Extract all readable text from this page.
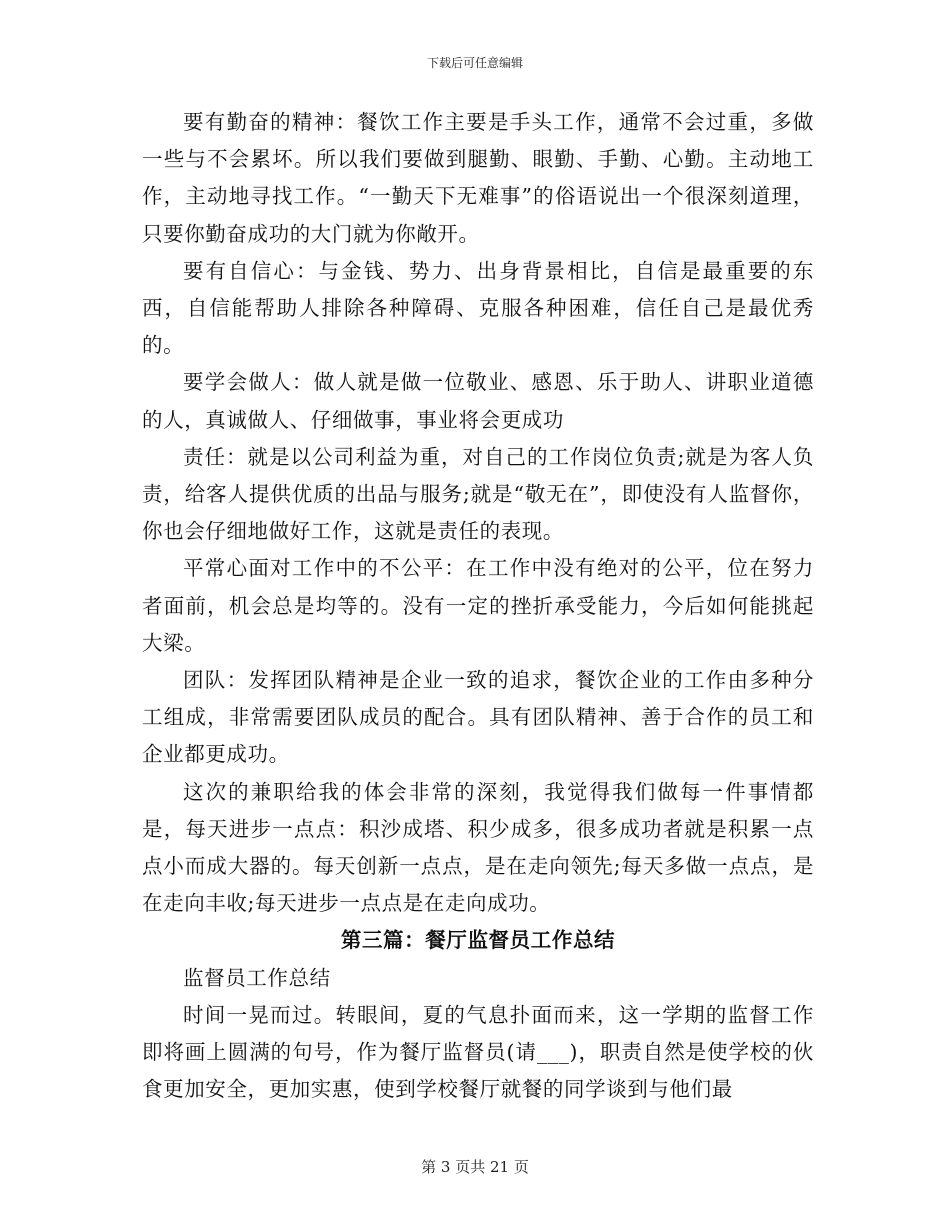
下载后可任意编辑

要有勤奋的精神：餐饮工作主要是手头工作，通常不会过重，多做一些与不会累坏。所以我们要做到腿勤、眼勤、手勤、心勤。主动地工作，主动地寻找工作。“一勤天下无难事”的俗语说出一个很深刻道理，只要你勤奋成功的大门就为你敞开。

要有自信心：与金钱、势力、出身背景相比，自信是最重要的东西，自信能帮助人排除各种障碍、克服各种困难，信任自己是最优秀的。

要学会做人：做人就是做一位敬业、感恩、乐于助人、讲职业道德的人，真诚做人、仔细做事，事业将会更成功

责任：就是以公司利益为重，对自己的工作岗位负责;就是为客人负责，给客人提供优质的出品与服务;就是“敬无在”，即使没有人监督你，你也会仔细地做好工作，这就是责任的表现。

平常心面对工作中的不公平：在工作中没有绝对的公平，位在努力者面前，机会总是均等的。没有一定的挫折承受能力，今后如何能挑起大梁。

团队：发挥团队精神是企业一致的追求，餐饮企业的工作由多种分工组成，非常需要团队成员的配合。具有团队精神、善于合作的员工和企业都更成功。

这次的兼职给我的体会非常的深刻，我觉得我们做每一件事情都是，每天进步一点点：积沙成塔、积少成多，很多成功者就是积累一点点小而成大器的。每天创新一点点，是在走向领先;每天多做一点点，是在走向丰收;每天进步一点点是在走向成功。

第三篇：餐厅监督员工作总结

监督员工作总结

时间一晃而过。转眼间，夏的气息扑面而来，这一学期的监督工作即将画上圆满的句号，作为餐厅监督员(请___)，职责自然是使学校的伙食更加安全，更加实惠，使到学校餐厅就餐的同学谈到与他们最

第 3 页共 21 页
